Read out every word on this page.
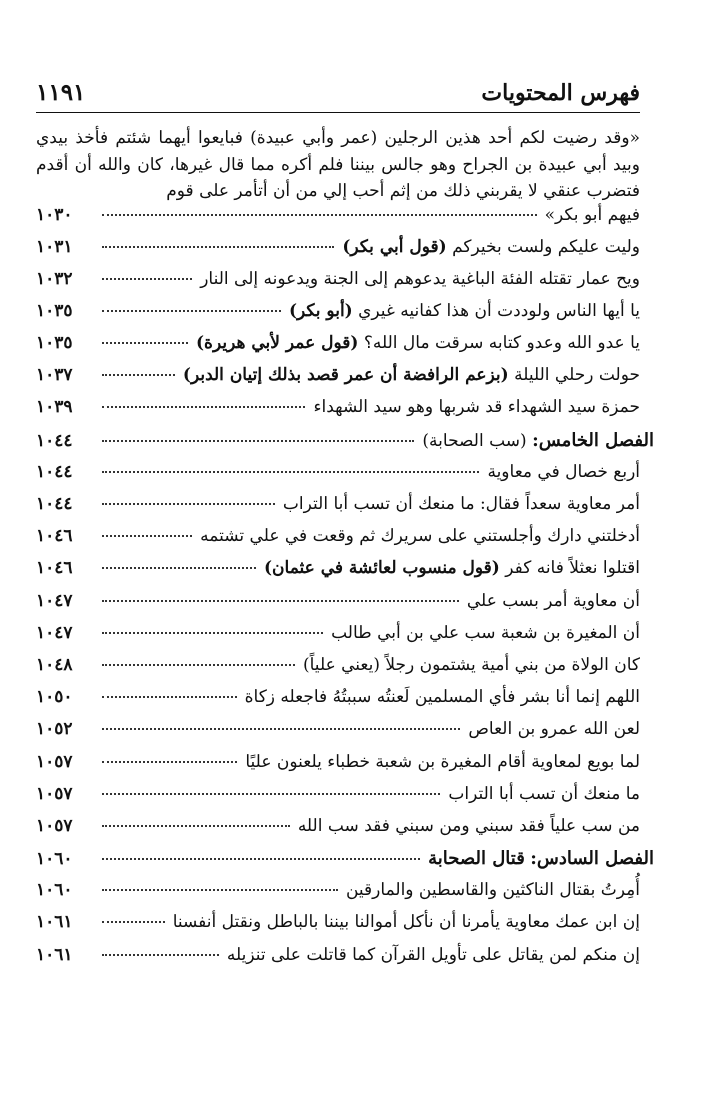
فهرس المحتويات
١١٩١

«وقد رضيت لكم أحد هذين الرجلين (عمر وأبي عبيدة) فبايعوا أيهما شئتم فأخذ بيدي وبيد أبي عبيدة بن الجراح وهو جالس بيننا فلم أكره مما قال غيرها، كان والله أن أقدم فتضرب عنقي لا يقربني ذلك من إثم أحب إلي من أن أتأمر على قوم

فيهم أبو بكر»
١٠٣٠
وليت عليكم ولست بخيركم (قول أبي بكر)
١٠٣١
ويح عمار تقتله الفئة الباغية يدعوهم إلى الجنة ويدعونه إلى النار
١٠٣٢
يا أيها الناس ولوددت أن هذا كفانيه غيري (أبو بكر)
١٠٣٥
يا عدو الله وعدو كتابه سرقت مال الله؟ (قول عمر لأبي هريرة)
١٠٣٥
حولت رحلي الليلة (بزعم الرافضة أن عمر قصد بذلك إتيان الدبر)
١٠٣٧
حمزة سيد الشهداء قد شربها وهو سيد الشهداء
١٠٣٩
الفصل الخامس: (سب الصحابة)
١٠٤٤
أربع خصال في معاوية
١٠٤٤
أمر معاوية سعداً فقال: ما منعك أن تسب أبا التراب
١٠٤٤
أدخلتني دارك وأجلستني على سريرك ثم وقعت في علي تشتمه
١٠٤٦
اقتلوا نعثلاً فانه كفر (قول منسوب لعائشة في عثمان)
١٠٤٦
أن معاوية أمر بسب علي
١٠٤٧
أن المغيرة بن شعبة سب علي بن أبي طالب
١٠٤٧
كان الولاة من بني أمية يشتمون رجلاً (يعني علياً)
١٠٤٨
اللهم إنما أنا بشر فأي المسلمين لَعنتُه سببتُهُ فاجعله زكاة
١٠٥٠
لعن الله عمرو بن العاص
١٠٥٢
لما بويع لمعاوية أقام المغيرة بن شعبة خطباء يلعنون عليًا
١٠٥٧
ما منعك أن تسب أبا التراب
١٠٥٧
من سب علياً فقد سبني ومن سبني فقد سب الله
١٠٥٧
الفصل السادس: قتال الصحابة
١٠٦٠
أُمِرتُ بقتال الناكثين والقاسطين والمارقين
١٠٦٠
إن ابن عمك معاوية يأمرنا أن نأكل أموالنا بيننا بالباطل ونقتل أنفسنا
١٠٦١
إن منكم لمن يقاتل على تأويل القرآن كما قاتلت على تنزيله
١٠٦١
